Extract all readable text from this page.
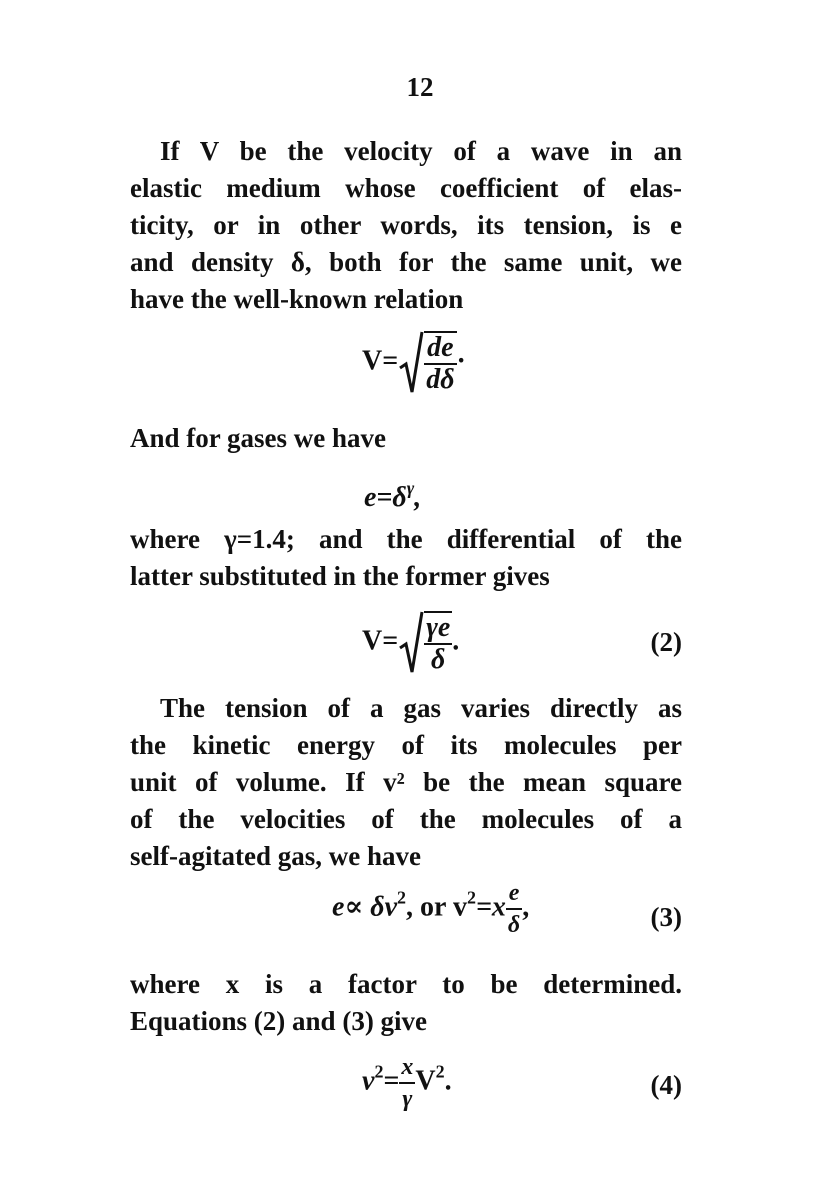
12
If V be the velocity of a wave in an
elastic medium whose coefficient of elas-
ticity, or in other words, its tension, is e
and density δ, both for the same unit, we
have the well-known relation
$V= \frac{de}{d\delta}$ ·
And for gases we have
$e=\delta^\gamma$,
where γ=1.4; and the differential of the
latter substituted in the former gives
$V= \frac{\gamma e}{\delta}$ .	(2)
The tension of a gas varies directly as
the kinetic energy of its molecules per
unit of volume. If v² be the mean square
of the velocities of the molecules of a
self-agitated gas, we have
$e\propto \delta v^2$, or $v^2=x \frac{e}{\delta}$ ,	(3)
where x is a factor to be determined.
Equations (2) and (3) give
$v^2= \frac{x}{\gamma} V^2$.	(4)
